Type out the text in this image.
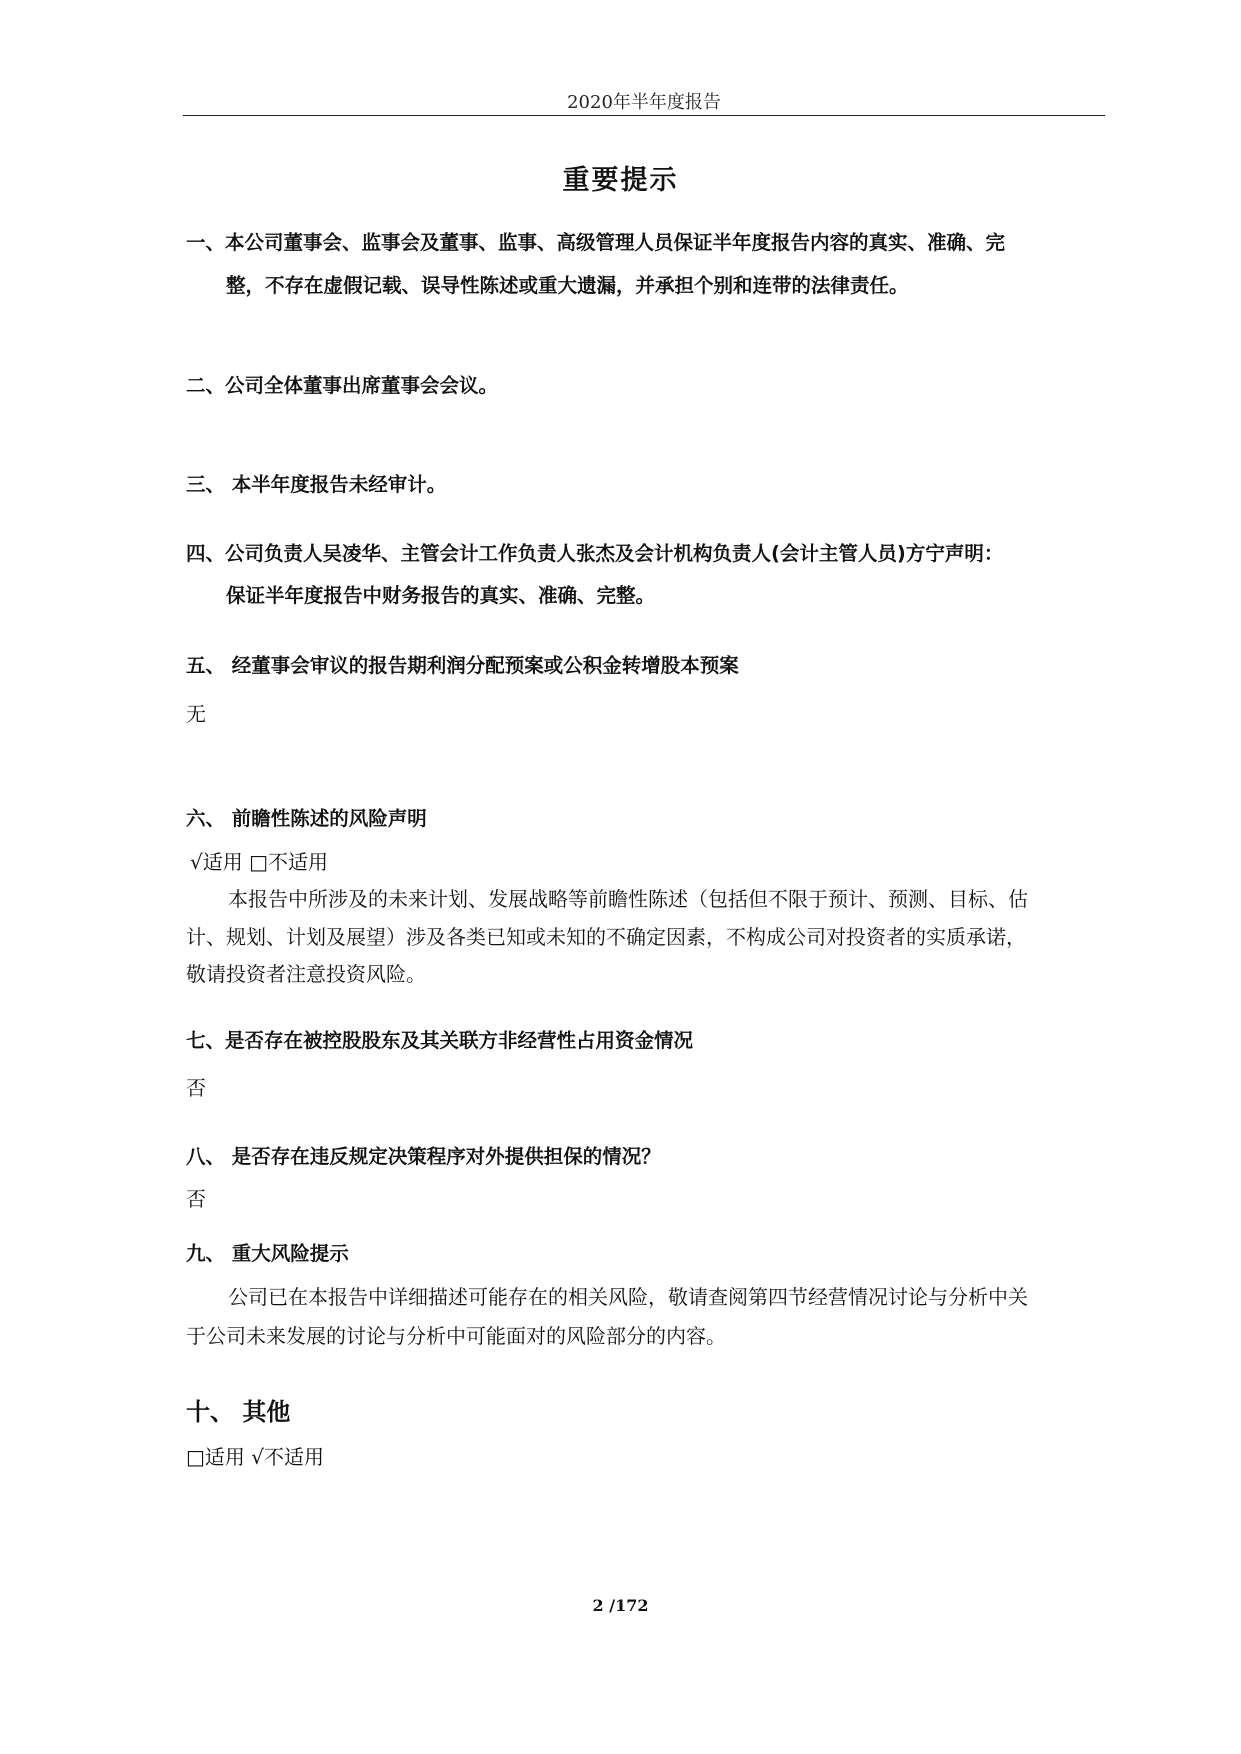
2020年半年度报告
重要提示
一、本公司董事会、监事会及董事、监事、高级管理人员保证半年度报告内容的真实、准确、完
整，不存在虚假记载、误导性陈述或重大遗漏，并承担个别和连带的法律责任。
二、公司全体董事出席董事会会议。
三、 本半年度报告未经审计。
四、公司负责人吴凌华、主管会计工作负责人张杰及会计机构负责人(会计主管人员)方宁声明：
保证半年度报告中财务报告的真实、准确、完整。
五、 经董事会审议的报告期利润分配预案或公积金转增股本预案
无
六、 前瞻性陈述的风险声明
√适用 □不适用
本报告中所涉及的未来计划、发展战略等前瞻性陈述（包括但不限于预计、预测、目标、估
计、规划、计划及展望）涉及各类已知或未知的不确定因素，不构成公司对投资者的实质承诺，
敬请投资者注意投资风险。
七、是否存在被控股股东及其关联方非经营性占用资金情况
否
八、 是否存在违反规定决策程序对外提供担保的情况？
否
九、 重大风险提示
公司已在本报告中详细描述可能存在的相关风险，敬请查阅第四节经营情况讨论与分析中关
于公司未来发展的讨论与分析中可能面对的风险部分的内容。
十、 其他
□适用 √不适用
2 /172
